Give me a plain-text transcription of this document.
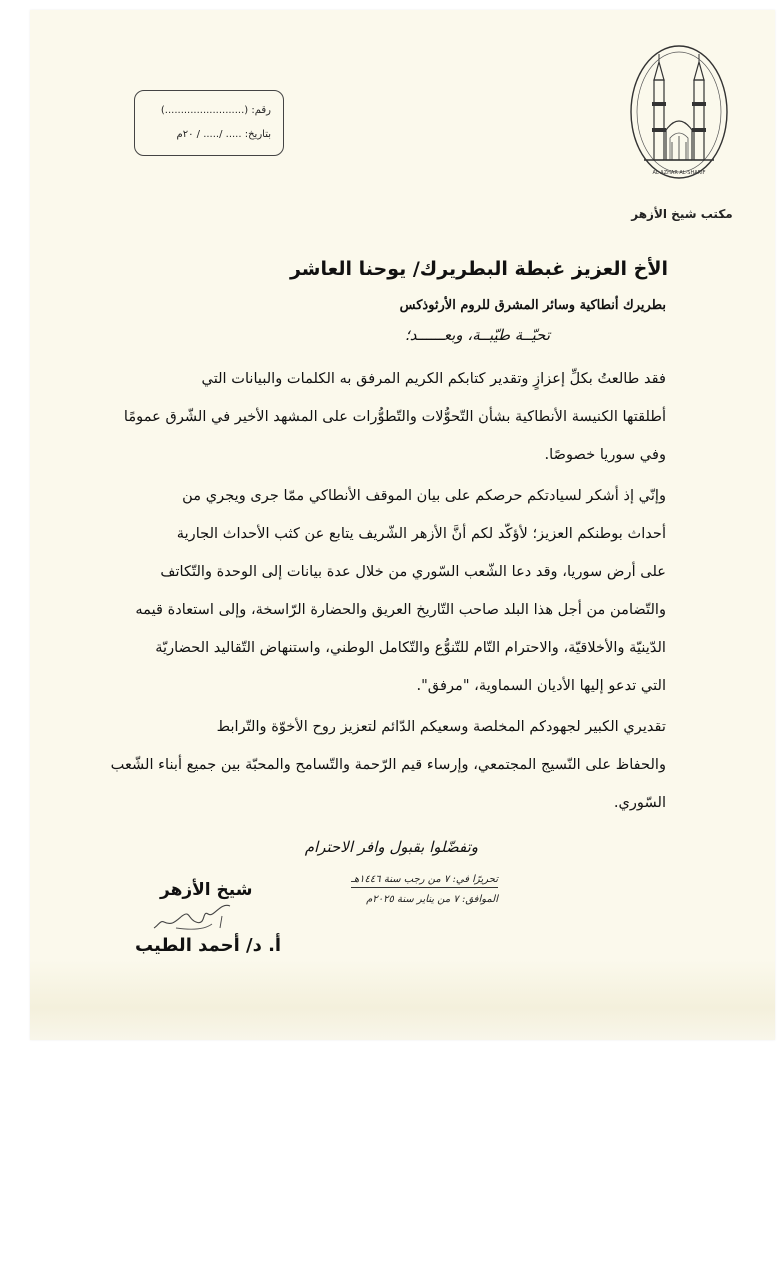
رقم: (.........................)
بتاريخ: ..... /..... / ٢٠م
AL-AZHAR AL-SHARIF
مكتب شيخ الأزهر
الأخ العزيز غبطة البطريرك/ يوحنا العاشر
بطريرك أنطاكية وسائر المشرق للروم الأرثوذكس
تحيّــة طيّبــة، وبعــــــد؛
فقد طالعتُ بكلِّ إعزازٍ وتقدير كتابكم الكريم المرفق به الكلمات والبيانات التي
أطلقتها الكنيسة الأنطاكية بشأن التّحوُّلات والتّطوُّرات على المشهد الأخير في الشّرق عمومًا
وفي سوريا خصوصًا.
وإنّي إذ أشكر لسيادتكم حرصكم على بيان الموقف الأنطاكي ممّا جرى ويجري من
أحداث بوطنكم العزيز؛ لأؤكّد لكم أنَّ الأزهر الشّريف يتابع عن كثب الأحداث الجارية
على أرض سوريا، وقد دعا الشّعب السّوري من خلال عدة بيانات إلى الوحدة والتّكاتف
والتّضامن من أجل هذا البلد صاحب التّاريخ العريق والحضارة الرّاسخة، وإلى استعادة قيمه
الدّينيّة والأخلاقيّة، والاحترام التّام للتّنوُّع والتّكامل الوطني، واستنهاض التّقاليد الحضاريّة
التي تدعو إليها الأديان السماوية، "مرفق".
تقديري الكبير لجهودكم المخلصة وسعيكم الدّائم لتعزيز روح الأخوّة والتّرابط
والحفاظ على النّسيج المجتمعي، وإرساء قيم الرّحمة والتّسامح والمحبّة بين جميع أبناء الشّعب
السّوري.
وتفضّلوا بقبول وافر الاحترام
تحريرًا في: ٧ من رجب سنة ١٤٤٦هـ
الموافق: ٧ من يناير سنة ٢٠٢٥م
شيخ الأزهر
أ. د/ أحمد الطيب
